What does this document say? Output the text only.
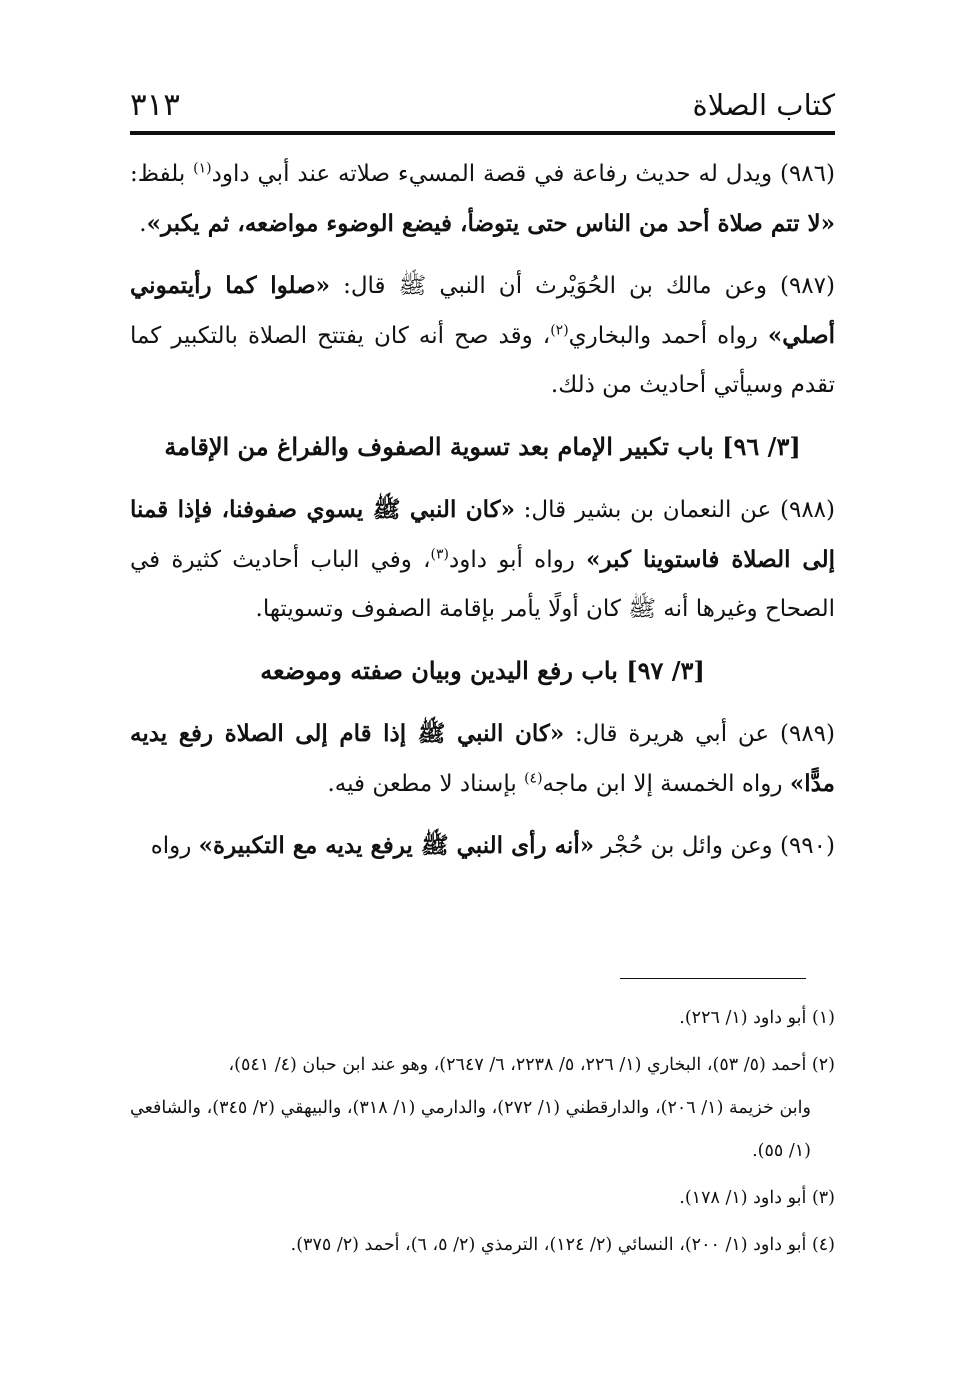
كتاب الصلاة
٣١٣

(٩٨٦) ويدل له حديث رفاعة في قصة المسيء صلاته عند أبي داود$^{(١)}$ بلفظ: «لا تتم صلاة أحد من الناس حتى يتوضأ، فيضع الوضوء مواضعه، ثم يكبر».

(٩٨٧) وعن مالك بن الحُوَيْرث أن النبي ﷺ قال: «صلوا كما رأيتموني أصلي» رواه أحمد والبخاري$^{(٢)}$، وقد صح أنه كان يفتتح الصلاة بالتكبير كما تقدم وسيأتي أحاديث من ذلك.

[٣/ ٩٦] باب تكبير الإمام بعد تسوية الصفوف والفراغ من الإقامة

(٩٨٨) عن النعمان بن بشير قال: «كان النبي ﷺ يسوي صفوفنا، فإذا قمنا إلى الصلاة فاستوينا كبر» رواه أبو داود$^{(٣)}$، وفي الباب أحاديث كثيرة في الصحاح وغيرها أنه ﷺ كان أولًا يأمر بإقامة الصفوف وتسويتها.

[٣/ ٩٧] باب رفع اليدين وبيان صفته وموضعه

(٩٨٩) عن أبي هريرة قال: «كان النبي ﷺ إذا قام إلى الصلاة رفع يديه مدًّا» رواه الخمسة إلا ابن ماجه$^{(٤)}$ بإسناد لا مطعن فيه.

(٩٩٠) وعن وائل بن حُجْر «أنه رأى النبي ﷺ يرفع يديه مع التكبيرة» رواه

(١) أبو داود (١/ ٢٢٦).
(٢) أحمد (٥/ ٥٣)، البخاري (١/ ٢٢٦، ٥/ ٢٢٣٨، ٦/ ٢٦٤٧)، وهو عند ابن حبان (٤/ ٥٤١)،
وابن خزيمة (١/ ٢٠٦)، والدارقطني (١/ ٢٧٢)، والدارمي (١/ ٣١٨)، والبيهقي (٢/ ٣٤٥)، والشافعي (١/ ٥٥).
(٣) أبو داود (١/ ١٧٨).
(٤) أبو داود (١/ ٢٠٠)، النسائي (٢/ ١٢٤)، الترمذي (٢/ ٥، ٦)، أحمد (٢/ ٣٧٥).
